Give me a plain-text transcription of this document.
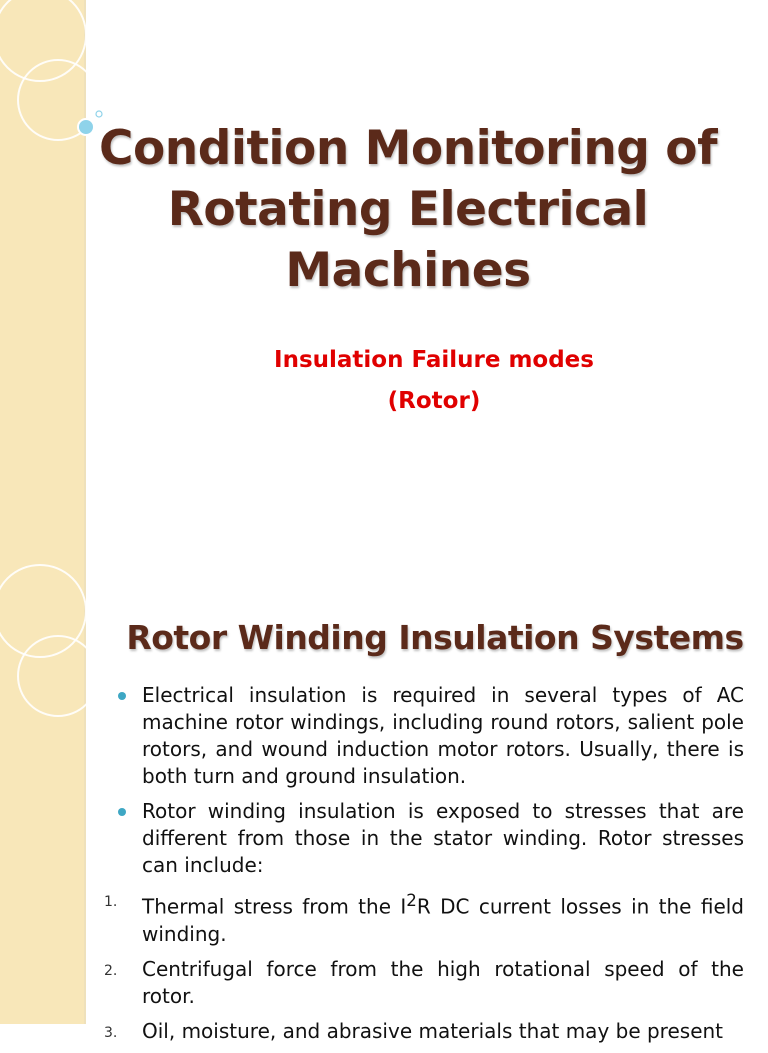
Condition Monitoring of Rotating Electrical Machines
Insulation Failure modes
(Rotor)
Rotor Winding Insulation Systems
Electrical insulation is required in several types of AC machine rotor windings, including round rotors, salient pole rotors, and wound induction motor rotors. Usually, there is both turn and ground insulation.
Rotor winding insulation is exposed to stresses that are different from those in the stator winding. Rotor stresses can include:
1.	Thermal stress from the $I^2R$ DC current losses in the field winding.
2.	Centrifugal force from the high rotational speed of the rotor.
3.	Oil, moisture, and abrasive materials that may be present
